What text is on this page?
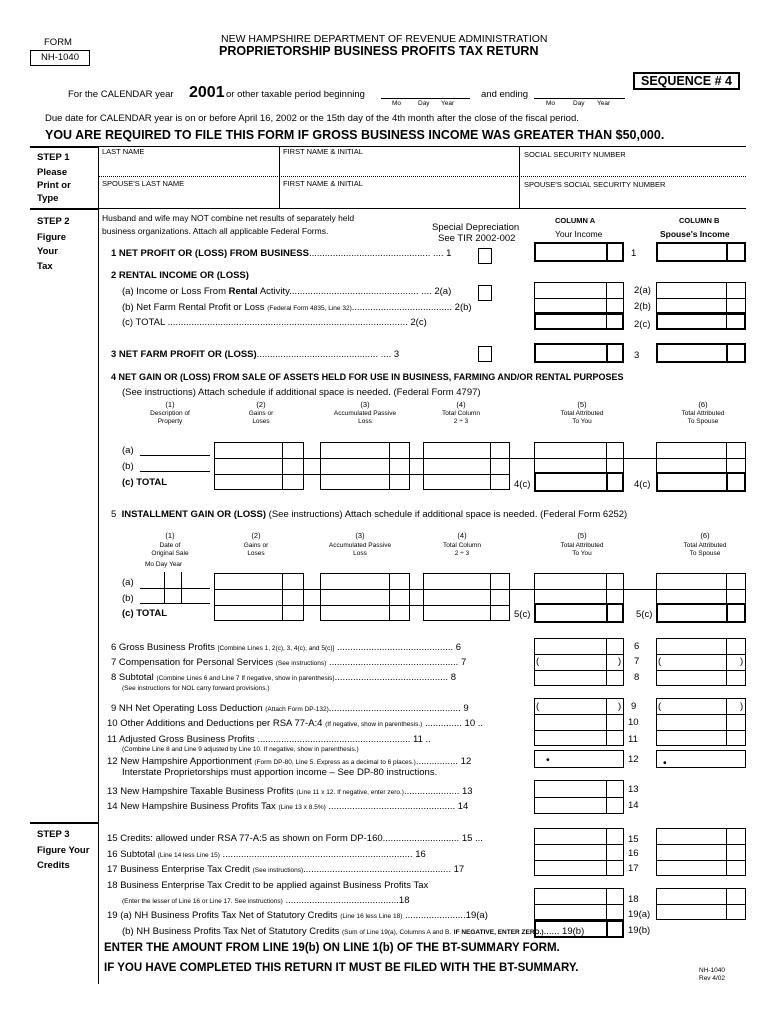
FORM
NH-1040
NEW HAMPSHIRE DEPARTMENT OF REVENUE ADMINISTRATION
PROPRIETORSHIP BUSINESS PROFITS TAX RETURN
SEQUENCE # 4
For the CALENDAR year 2001 or other taxable period beginning
Mo	Day Year
and ending
Mo	Day Year
Due date for CALENDAR year is on or before April 16, 2002 or the 15th day of the 4th month after the close of the fiscal period.
YOU ARE REQUIRED TO FILE THIS FORM IF GROSS BUSINESS INCOME WAS GREATER THAN $50,000.
STEP 1
Please
Print or
Type
LAST NAME	FIRST NAME & INITIAL	SOCIAL SECURITY NUMBER
SPOUSE'S LAST NAME	FIRST NAME & INITIAL	SPOUSE'S SOCIAL SECURITY NUMBER
STEP 2
Figure
Your
Tax
Husband and wife may NOT combine net results of separately held
business organizations. Attach all applicable Federal Forms.	Special Depreciation
See TIR 2002-002
COLUMN A
Your Income
COLUMN B
Spouse's Income
1 NET PROFIT OR (LOSS) FROM BUSINESS.............................................. .... 1	1
2 RENTAL INCOME OR (LOSS)
(a) Income or Loss From Rental Activity................................................. .... 2(a)
(b) Net Farm Rental Profit or Loss (Federal Form 4835, Line 32)...................................... 2(b)
(c) TOTAL ........................................................................................... 2(c)
2(a)
2(b)
2(c)
3 NET FARM PROFIT OR (LOSS).............................................. .... 3	3
4 NET GAIN OR (LOSS) FROM SALE OF ASSETS HELD FOR USE IN BUSINESS, FARMING AND/OR RENTAL PURPOSES
(See instructions) Attach schedule if additional space is needed. (Federal Form 4797)
(1)
Description of
Property
(2)
Gains or
Loses
(3)
Accumulated Passive
Loss
(4)
Total Column
2 ÷ 3
(5)
Total Attributed
To You
(6)
Total Attributed
To Spouse
(a)
(b)
(c) TOTAL	4(c)	4(c)
5 INSTALLMENT GAIN OR (LOSS) (See instructions) Attach schedule if additional space is needed. (Federal Form 6252)
(1)
Date of
Original Sale
(2)
Gains or
Loses
(3)
Accumulated Passive
Loss
(4)
Total Column
2 ÷ 3
(5)
Total Attributed
To You
(6)
Total Attributed
To Spouse
Mo Day Year
(a)
(b)
(c) TOTAL	5(c)	5(c)
6 Gross Business Profits [Combine Lines 1, 2(c), 3, 4(c), and 5(c)] ............................................ 6
7 Compensation for Personal Services (See instructions) ................................................. 7
8 Subtotal (Combine Lines 6 and Line 7 If negative, show in parenthesis)........................................... 8
(See instructions for NOL carry forward provisions.)
(	)
6
7
8
(	)
9 NH Net Operating Loss Deduction (Attach Form DP-132).................................................. 9
10 Other Additions and Deductions per RSA 77-A:4 (If negative, show in parenthesis.) .............. 10 ..
11 Adjusted Gross Business Profits .......................................................... 11 ..
(Combine Line 8 and Line 9 adjusted by Line 10. If negative, show in parenthesis.)
12 New Hampshire Apportionment (Form DP-80, Line 5. Express as a decimal to 6 places.)................ 12
Interstate Proprietorships must apportion income – See DP-80 instructions.
13 New Hampshire Taxable Business Profits (Line 11 x 12. If negative, enter zero.)..................... 13
14 New Hampshire Business Profits Tax (Line 13 x 8.5%) ................................................ 14
(	)
•
9
10
11
12
13
14
(	)
•
STEP 3
Figure Your
Credits
15 Credits: allowed under RSA 77-A:5 as shown on Form DP-160............................. 15 ...
16 Subtotal (Line 14 less Line 15) ........................................................................ 16
17 Business Enterprise Tax Credit (See instructions)........................................................ 17
18 Business Enterprise Tax Credit to be applied against Business Profits Tax
(Enter the lesser of Line 16 or Line 17. See instructions) ...........................................18
19 (a) NH Business Profits Tax Net of Statutory Credits (Line 16 less Line 18) .......................19(a)
(b) NH Business Profits Tax Net of Statutory Credits (Sum of Line 19(a), Columns A and B. IF NEGATIVE, ENTER ZERO.)...... 19(b)
15
16
17
18
19(a)
19(b)
ENTER THE AMOUNT FROM LINE 19(b) ON LINE 1(b) OF THE BT-SUMMARY FORM.
IF YOU HAVE COMPLETED THIS RETURN IT MUST BE FILED WITH THE BT-SUMMARY.	NH-1040
Rev 4/02
